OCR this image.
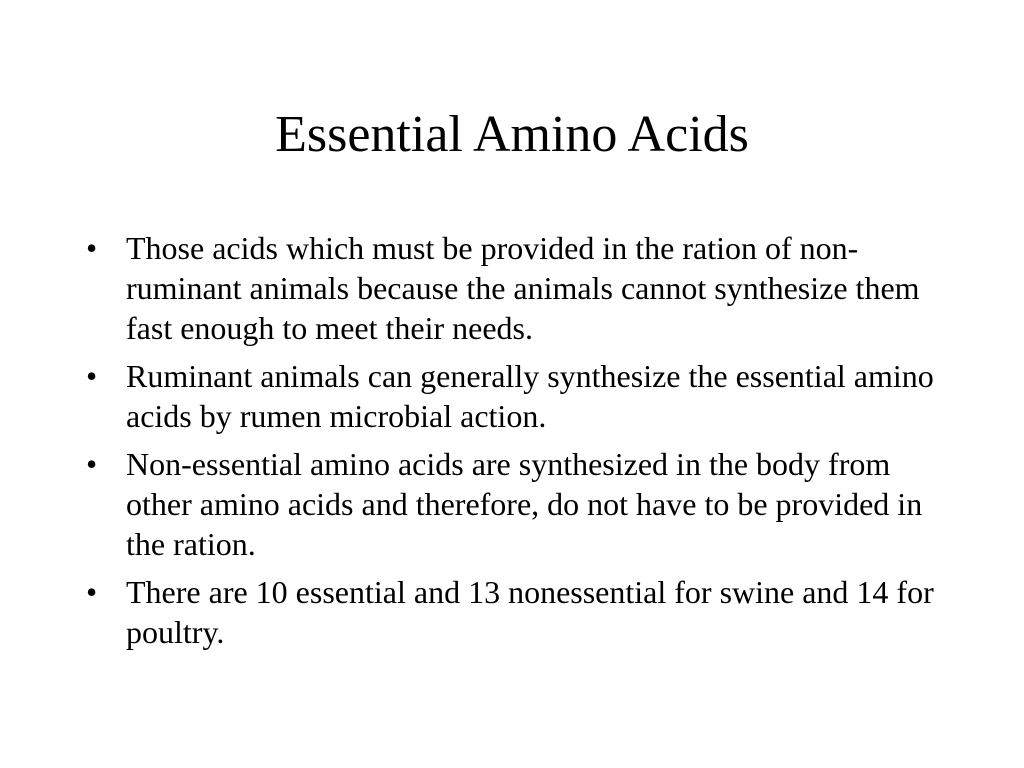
Essential Amino Acids
• Those acids which must be provided in the ration of non-ruminant animals because the animals cannot synthesize them fast enough to meet their needs.
• Ruminant animals can generally synthesize the essential amino acids by rumen microbial action.
• Non-essential amino acids are synthesized in the body from other amino acids and therefore, do not have to be provided in the ration.
• There are 10 essential and 13 nonessential for swine and 14 for poultry.
